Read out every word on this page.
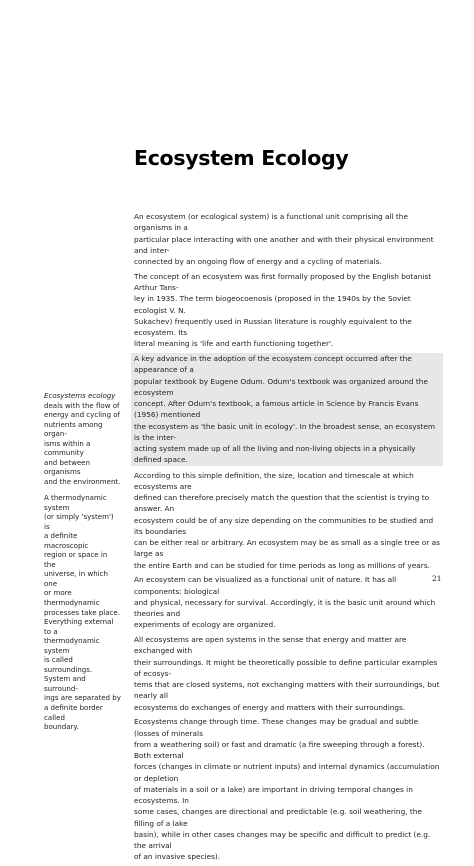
Ecosystem Ecology

Ecosystems ecology

deals with the flow of

energy and cycling of

nutrients among organ-

isms within a community

and between organisms

and the environment.

A thermodynamic system

(or simply 'system') is

a definite macroscopic

region or space in the

universe, in which one

or more thermodynamic

processes take place.

Everything external to a

thermodynamic system

is called surroundings.

System and surround-

ings are separated by

a definite border called

boundary.

An ecosystem (or ecological system) is a functional unit comprising all the organisms in a
particular place interacting with one another and with their physical environment and inter-
connected by an ongoing flow of energy and a cycling of materials.

The concept of an ecosystem was first formally proposed by the English botanist Arthur Tans-
ley in 1935. The term biogeocoenosis (proposed in the 1940s by the Soviet ecologist V. N.
Sukachev) frequently used in Russian literature is roughly equivalent to the ecosystem. Its
literal meaning is 'life and earth functioning together'.

A key advance in the adoption of the ecosystem concept occurred after the appearance of a
popular textbook by Eugene Odum. Odum's textbook was organized around the ecosystem
concept. After Odum's textbook, a famous article in Science by Francis Evans (1956) mentioned
the ecosystem as 'the basic unit in ecology'. In the broadest sense, an ecosystem is the inter-
acting system made up of all the living and non-living objects in a physically defined space.

According to this simple definition, the size, location and timescale at which ecosystems are
defined can therefore precisely match the question that the scientist is trying to answer. An
ecosystem could be of any size depending on the communities to be studied and its boundaries
can be either real or arbitrary. An ecosystem may be as small as a single tree or as large as
the entire Earth and can be studied for time periods as long as millions of years.

An ecosystem can be visualized as a functional unit of nature. It has all components: biological
and physical, necessary for survival. Accordingly, it is the basic unit around which theories and
experiments of ecology are organized.

All ecosystems are open systems in the sense that energy and matter are exchanged with
their surroundings. It might be theoretically possible to define particular examples of ecosys-
tems that are closed systems, not exchanging matters with their surroundings, but nearly all
ecosystems do exchanges of energy and matters with their surroundings.

Ecosystems change through time. These changes may be gradual and subtle (losses of minerals
from a weathering soil) or fast and dramatic (a fire sweeping through a forest). Both external
forces (changes in climate or nutrient inputs) and internal dynamics (accumulation or depletion
of materials in a soil or a lake) are important in driving temporal changes in ecosystems. In
some cases, changes are directional and predictable (e.g. soil weathering, the filling of a lake
basin), while in other cases changes may be specific and difficult to predict (e.g. the arrival
of an invasive species).

21
